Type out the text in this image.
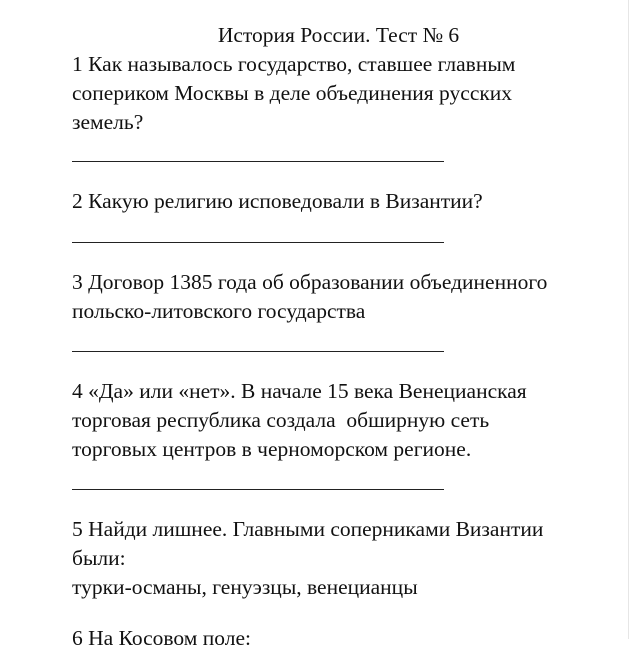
История России. Тест № 6

1 Как называлось государство, ставшее главным

сопериком Москвы в деле объединения русских

земель?

2 Какую религию исповедовали в Византии?

3 Договор 1385 года об образовании объединенного

польско-литовского государства

4 «Да» или «нет». В начале 15 века Венецианская

торговая республика создала  обширную сеть

торговых центров в черноморском регионе.

5 Найди лишнее. Главными соперниками Византии

были:

турки-османы, генуэзцы, венецианцы

6 На Косовом поле:
